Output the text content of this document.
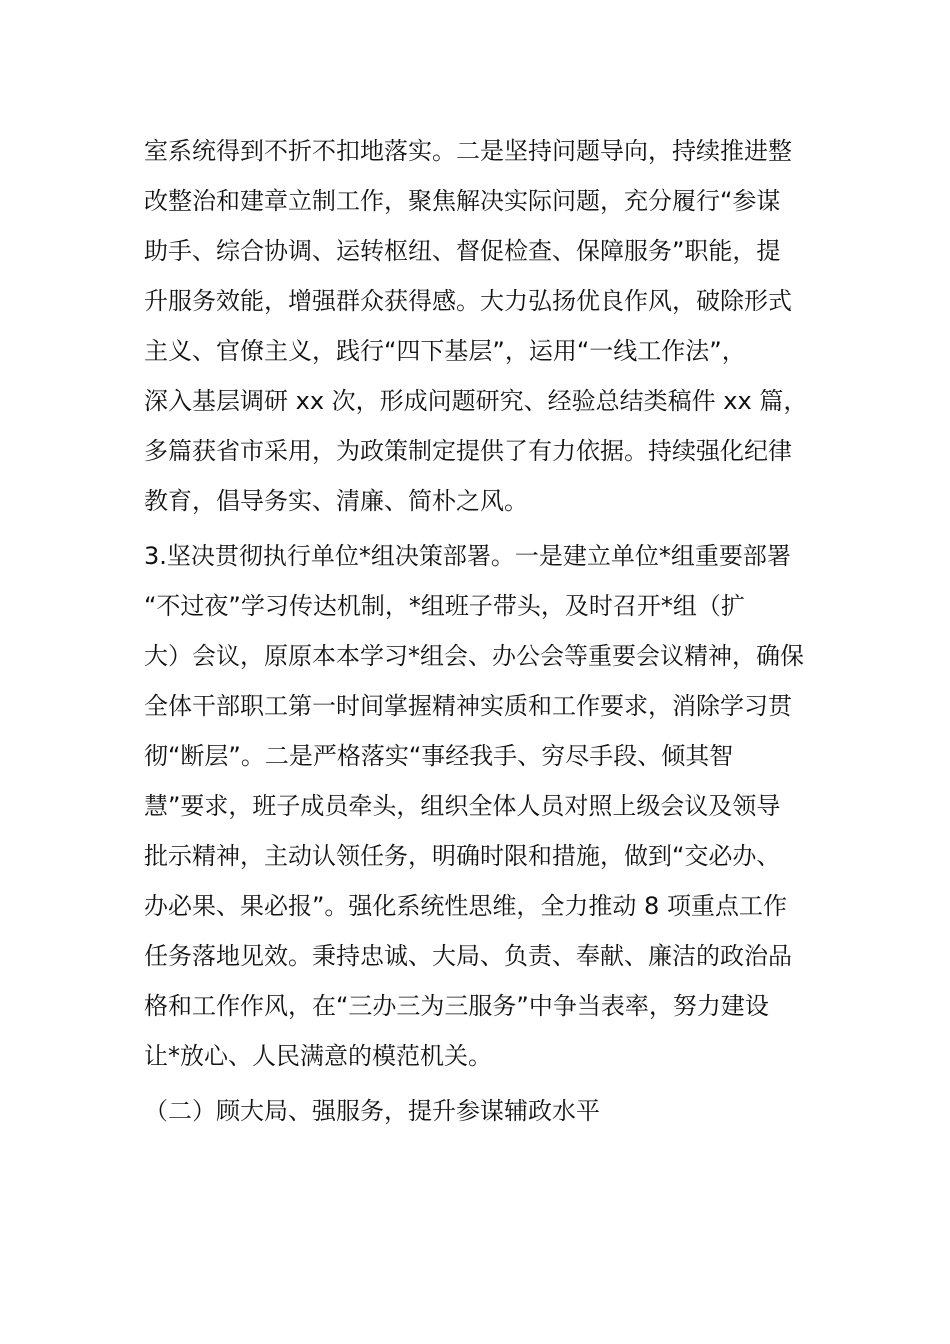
室系统得到不折不扣地落实。二是坚持问题导向，持续推进整
改整治和建章立制工作，聚焦解决实际问题，充分履行“参谋
助手、综合协调、运转枢纽、督促检查、保障服务”职能，提
升服务效能，增强群众获得感。大力弘扬优良作风，破除形式
主义、官僚主义，践行“四下基层”，运用“一线工作法”，
深入基层调研 xx 次，形成问题研究、经验总结类稿件 xx 篇，
多篇获省市采用，为政策制定提供了有力依据。持续强化纪律
教育，倡导务实、清廉、简朴之风。
3.坚决贯彻执行单位*组决策部署。一是建立单位*组重要部署
“不过夜”学习传达机制，*组班子带头，及时召开*组（扩
大）会议，原原本本学习*组会、办公会等重要会议精神，确保
全体干部职工第一时间掌握精神实质和工作要求，消除学习贯
彻“断层”。二是严格落实“事经我手、穷尽手段、倾其智
慧”要求，班子成员牵头，组织全体人员对照上级会议及领导
批示精神，主动认领任务，明确时限和措施，做到“交必办、
办必果、果必报”。强化系统性思维，全力推动 8 项重点工作
任务落地见效。秉持忠诚、大局、负责、奉献、廉洁的政治品
格和工作作风，在“三办三为三服务”中争当表率，努力建设
让*放心、人民满意的模范机关。
（二）顾大局、强服务，提升参谋辅政水平
